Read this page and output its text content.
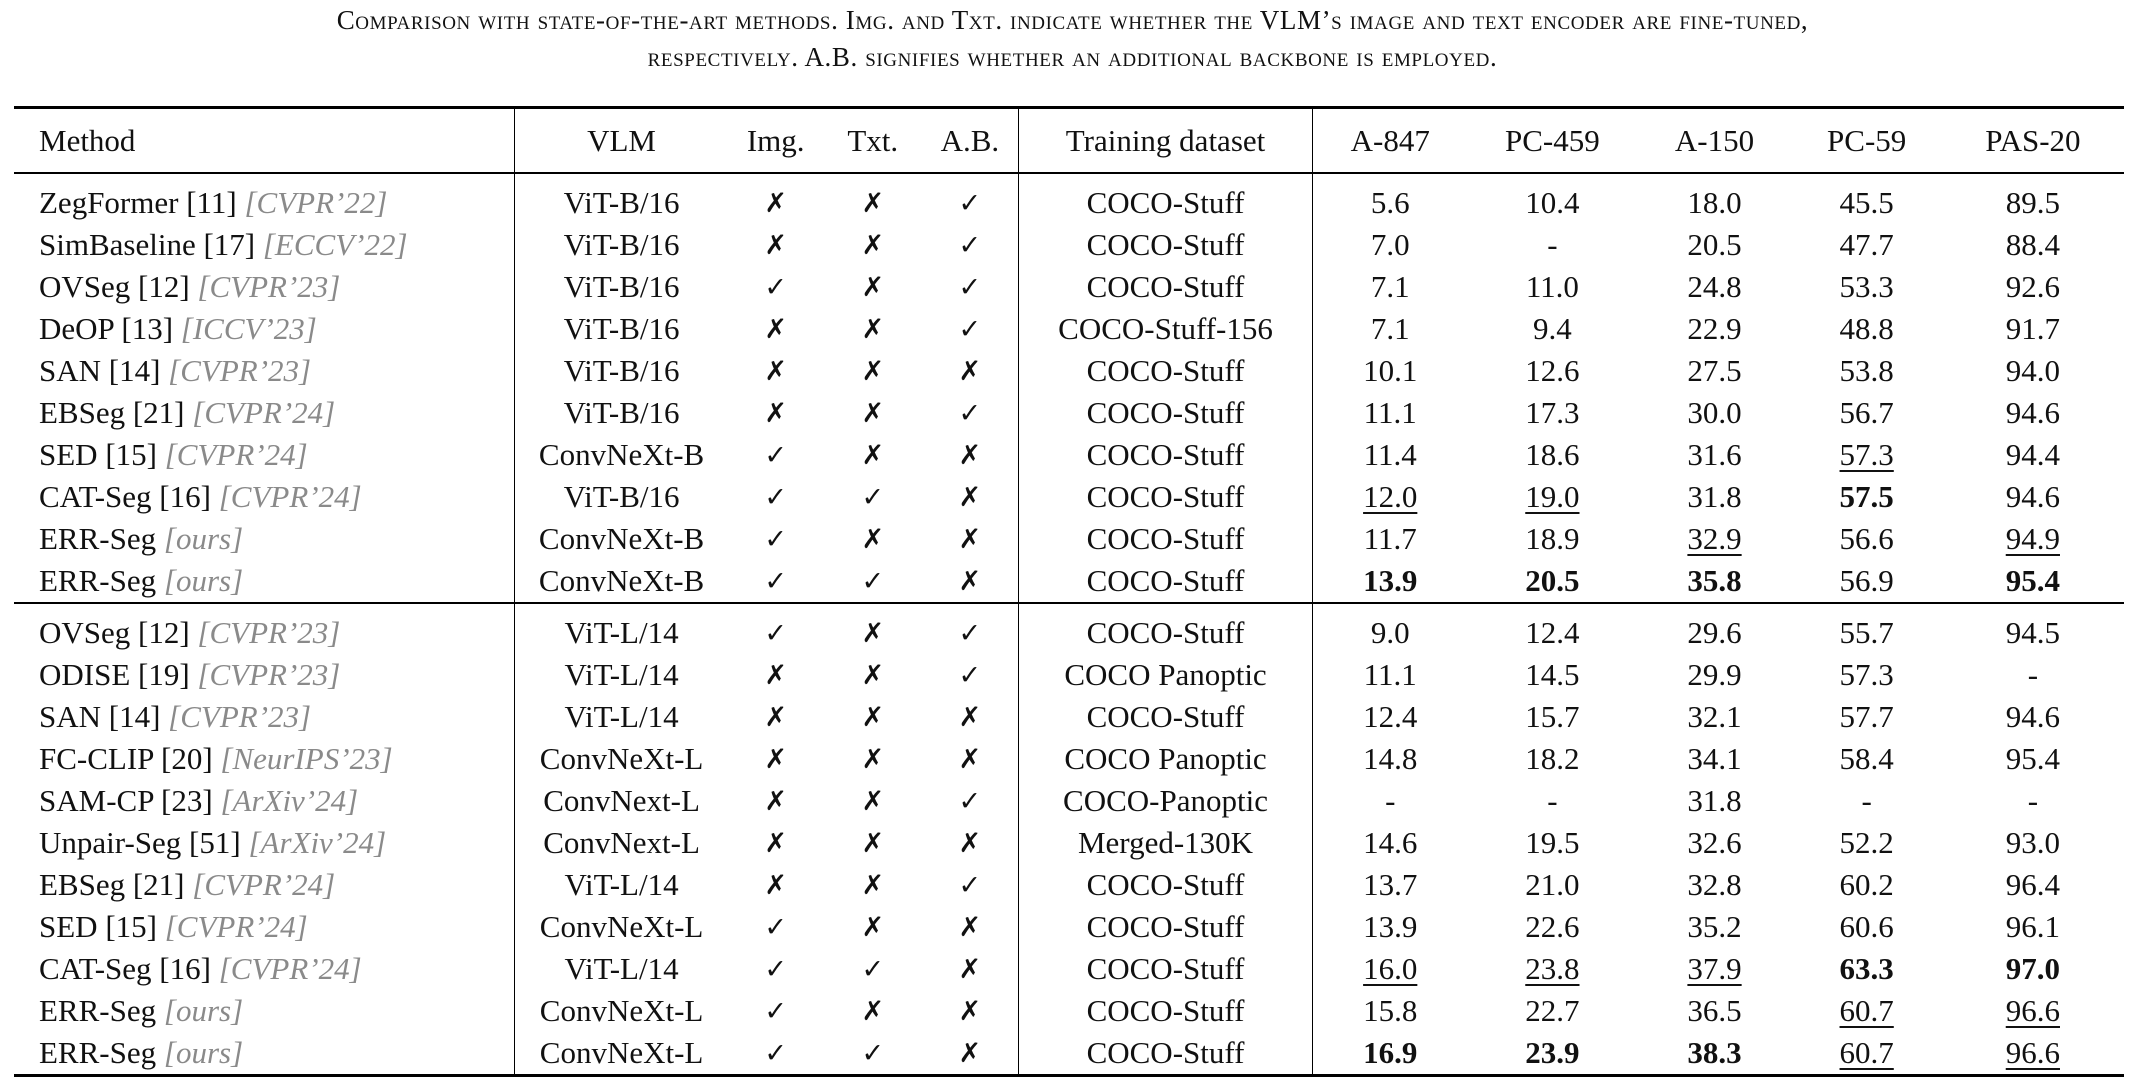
Comparison with state-of-the-art methods. Img. and Txt. indicate whether the VLM’s image and text encoder are fine-tuned,
respectively. A.B. signifies whether an additional backbone is employed.
Method	VLM	Img.	Txt.	A.B.	Training dataset	A-847	PC-459	A-150	PC-59	PAS-20
ZegFormer [11] [CVPR’22]	ViT-B/16	✗	✗	✓	COCO-Stuff	5.6	10.4	18.0	45.5	89.5
SimBaseline [17] [ECCV’22]	ViT-B/16	✗	✗	✓	COCO-Stuff	7.0	-	20.5	47.7	88.4
OVSeg [12] [CVPR’23]	ViT-B/16	✓	✗	✓	COCO-Stuff	7.1	11.0	24.8	53.3	92.6
DeOP [13] [ICCV’23]	ViT-B/16	✗	✗	✓	COCO-Stuff-156	7.1	9.4	22.9	48.8	91.7
SAN [14] [CVPR’23]	ViT-B/16	✗	✗	✗	COCO-Stuff	10.1	12.6	27.5	53.8	94.0
EBSeg [21] [CVPR’24]	ViT-B/16	✗	✗	✓	COCO-Stuff	11.1	17.3	30.0	56.7	94.6
SED [15] [CVPR’24]	ConvNeXt-B	✓	✗	✗	COCO-Stuff	11.4	18.6	31.6	57.3	94.4
CAT-Seg [16] [CVPR’24]	ViT-B/16	✓	✓	✗	COCO-Stuff	12.0	19.0	31.8	57.5	94.6
ERR-Seg [ours]	ConvNeXt-B	✓	✗	✗	COCO-Stuff	11.7	18.9	32.9	56.6	94.9
ERR-Seg [ours]	ConvNeXt-B	✓	✓	✗	COCO-Stuff	13.9	20.5	35.8	56.9	95.4
OVSeg [12] [CVPR’23]	ViT-L/14	✓	✗	✓	COCO-Stuff	9.0	12.4	29.6	55.7	94.5
ODISE [19] [CVPR’23]	ViT-L/14	✗	✗	✓	COCO Panoptic	11.1	14.5	29.9	57.3	-
SAN [14] [CVPR’23]	ViT-L/14	✗	✗	✗	COCO-Stuff	12.4	15.7	32.1	57.7	94.6
FC-CLIP [20] [NeurIPS’23]	ConvNeXt-L	✗	✗	✗	COCO Panoptic	14.8	18.2	34.1	58.4	95.4
SAM-CP [23] [ArXiv’24]	ConvNext-L	✗	✗	✓	COCO-Panoptic	-	-	31.8	-	-
Unpair-Seg [51] [ArXiv’24]	ConvNext-L	✗	✗	✗	Merged-130K	14.6	19.5	32.6	52.2	93.0
EBSeg [21] [CVPR’24]	ViT-L/14	✗	✗	✓	COCO-Stuff	13.7	21.0	32.8	60.2	96.4
SED [15] [CVPR’24]	ConvNeXt-L	✓	✗	✗	COCO-Stuff	13.9	22.6	35.2	60.6	96.1
CAT-Seg [16] [CVPR’24]	ViT-L/14	✓	✓	✗	COCO-Stuff	16.0	23.8	37.9	63.3	97.0
ERR-Seg [ours]	ConvNeXt-L	✓	✗	✗	COCO-Stuff	15.8	22.7	36.5	60.7	96.6
ERR-Seg [ours]	ConvNeXt-L	✓	✓	✗	COCO-Stuff	16.9	23.9	38.3	60.7	96.6
